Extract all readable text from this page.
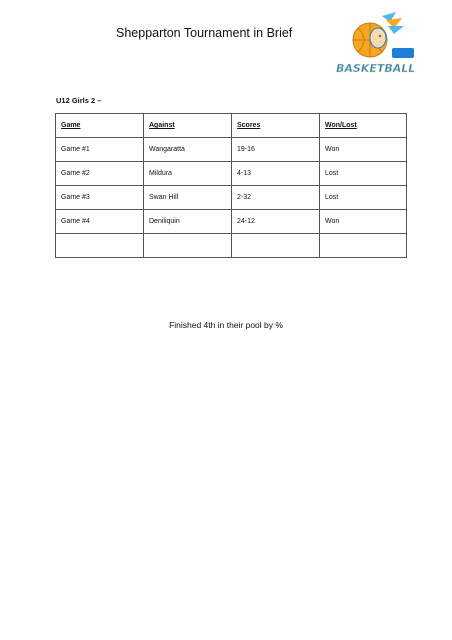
Shepparton Tournament in Brief
BASKETBALL
U12 Girls 2 –
Game	Against	Scores	Won/Lost
Game #1	Wangaratta	19-16	Won
Game #2	Mildura	4-13	Lost
Game #3	Swan Hill	2-32	Lost
Game #4	Deniliquin	24-12	Won

Finished 4th in their pool by %
